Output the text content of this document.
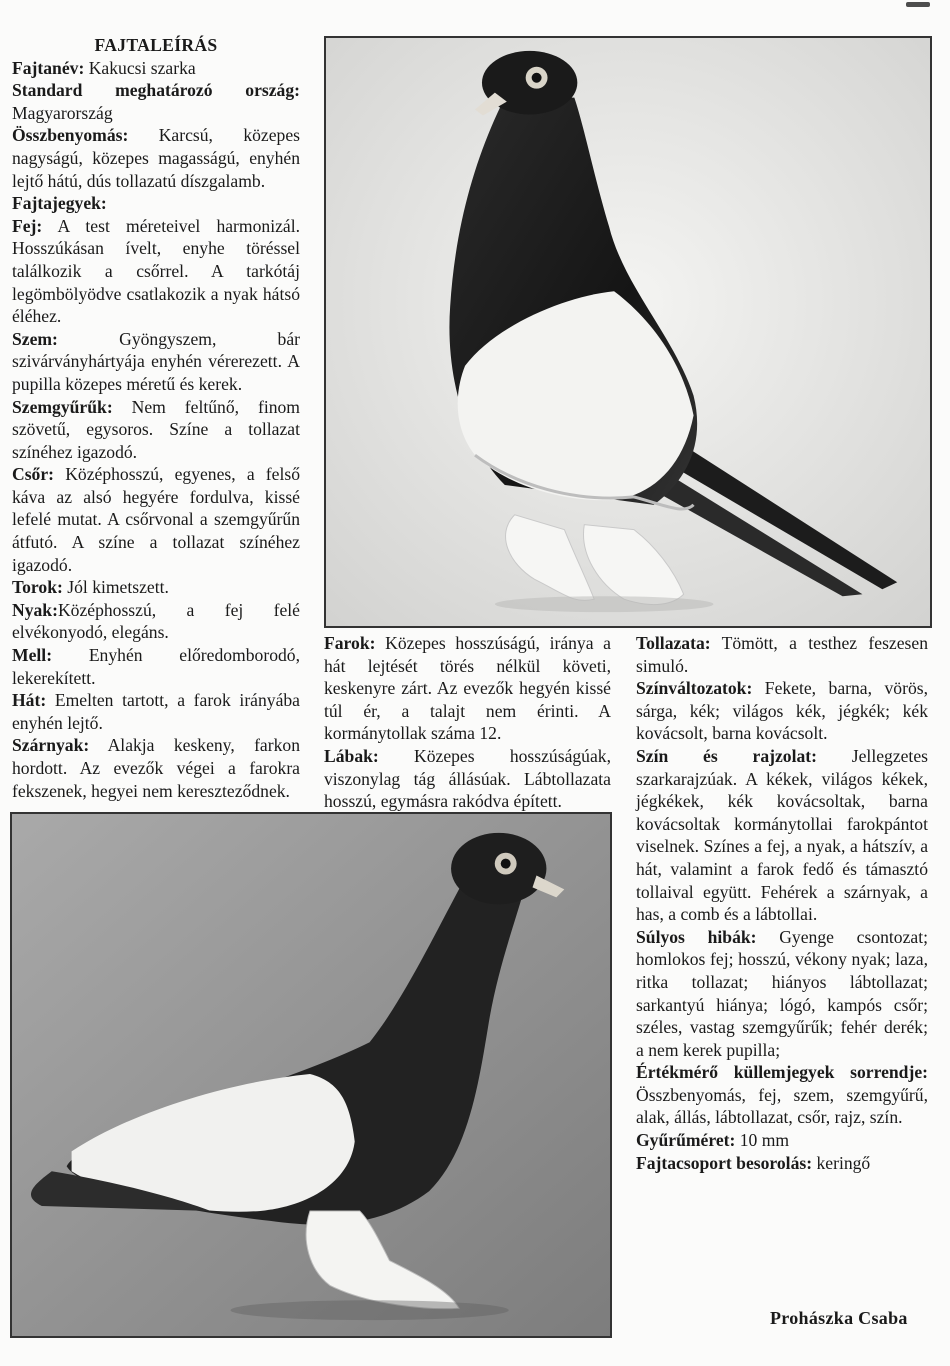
FAJTALEÍRÁS

Fajtanév: Kakucsi szarka

Standard meghatározó ország: Magyarország

Összbenyomás: Karcsú, közepes nagyságú, közepes magasságú, enyhén lejtő hátú, dús tollazatú díszgalamb.

Fajtajegyek:

Fej: A test méreteivel harmonizál. Hosszúkásan ívelt, enyhe töréssel találkozik a csőrrel. A tarkótáj legömbölyödve csatlakozik a nyak hátsó éléhez.

Szem: Gyöngyszem, bár szivárványhártyája enyhén vérerezett. A pupilla közepes méretű és kerek.

Szemgyűrűk: Nem feltűnő, finom szövetű, egysoros. Színe a tollazat színéhez igazodó.

Csőr: Középhosszú, egyenes, a felső káva az alsó hegyére fordulva, kissé lefelé mutat. A csőrvonal a szemgyűrűn átfutó. A színe a tollazat színéhez igazodó.

Torok: Jól kimetszett.

Nyak:Középhosszú, a fej felé elvékonyodó, elegáns.

Mell: Enyhén előredomborodó, lekerekített.

Hát: Emelten tartott, a farok irányába enyhén lejtő.

Szárnyak: Alakja keskeny, farkon hordott. Az evezők végei a farokra fekszenek, hegyei nem kereszteződnek.

Farok: Közepes hosszúságú, iránya a hát lejtését törés nélkül követi, keskenyre zárt. Az evezők hegyén kissé túl ér, a talajt nem érinti. A kormánytollak száma 12.

Lábak: Közepes hosszúságúak, viszonylag tág állásúak. Lábtollazata hosszú, egymásra rakódva épített.

Tollazata: Tömött, a testhez feszesen simuló.

Színváltozatok: Fekete, barna, vörös, sárga, kék; világos kék, jégkék; kék kovácsolt, barna kovácsolt.

Szín és rajzolat: Jellegzetes szarkarajzúak. A kékek, világos kékek, jégkékek, kék kovácsoltak, barna kovácsoltak kormánytollai farokpántot viselnek. Színes a fej, a nyak, a hátszív, a hát, valamint a farok fedő és támasztó tollaival együtt. Fehérek a szárnyak, a has, a comb és a lábtollai.

Súlyos hibák: Gyenge csontozat; homlokos fej; hosszú, vékony nyak; laza, ritka tollazat; hiányos lábtollazat; sarkantyú hiánya; lógó, kampós csőr; széles, vastag szemgyűrűk; fehér derék; a nem kerek pupilla;

Értékmérő küllemjegyek sorrendje: Összbenyomás, fej, szem, szemgyűrű, alak, állás, lábtollazat, csőr, rajz, szín.

Gyűrűméret: 10 mm

Fajtacsoport besorolás: keringő

Prohászka Csaba
